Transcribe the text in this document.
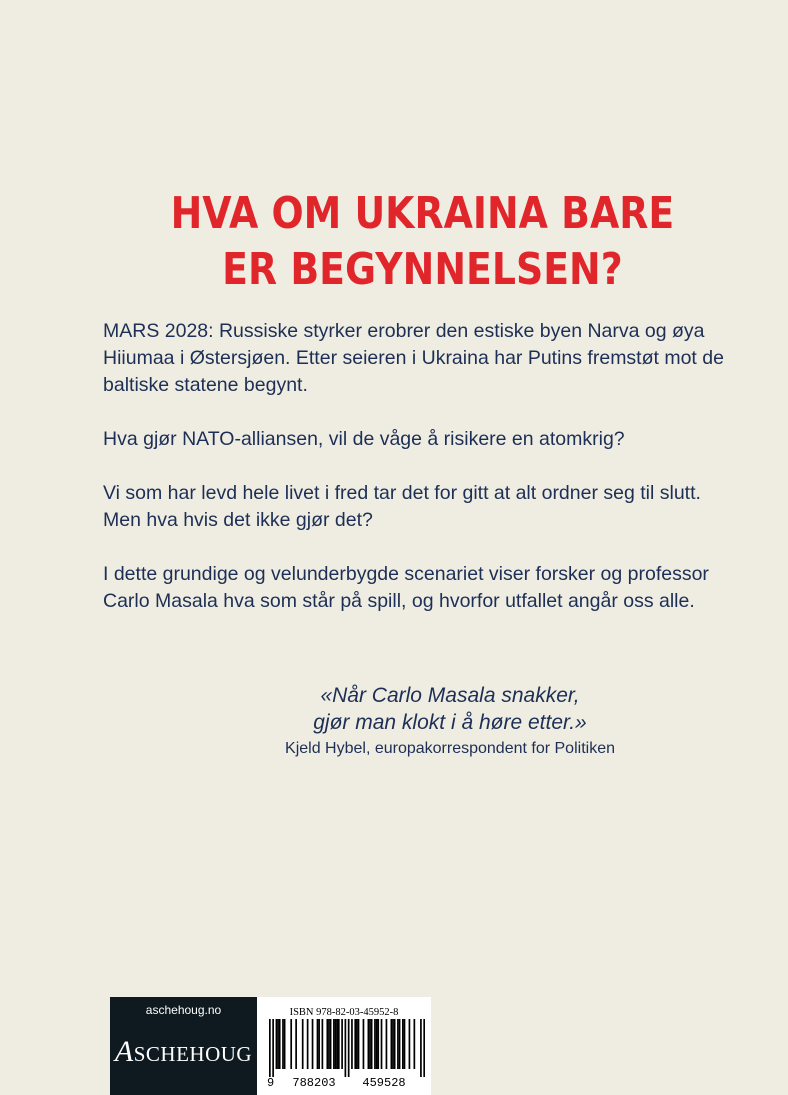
HVA OM UKRAINA BARE
ER BEGYNNELSEN?

MARS 2028: Russiske styrker erobrer den estiske byen Narva og øya Hiiumaa i Østersjøen. Etter seieren i Ukraina har Putins fremstøt mot de baltiske statene begynt.

Hva gjør NATO-alliansen, vil de våge å risikere en atomkrig?

Vi som har levd hele livet i fred tar det for gitt at alt ordner seg til slutt. Men hva hvis det ikke gjør det?

I dette grundige og velunderbygde scenariet viser forsker og professor Carlo Masala hva som står på spill, og hvorfor utfallet angår oss alle.

«Når Carlo Masala snakker,
gjør man klokt i å høre etter.»
Kjeld Hybel, europakorrespondent for Politiken
aschehoug.no
ASCHEHOUG
ISBN 978-82-03-45952-8
9	788203	459528
